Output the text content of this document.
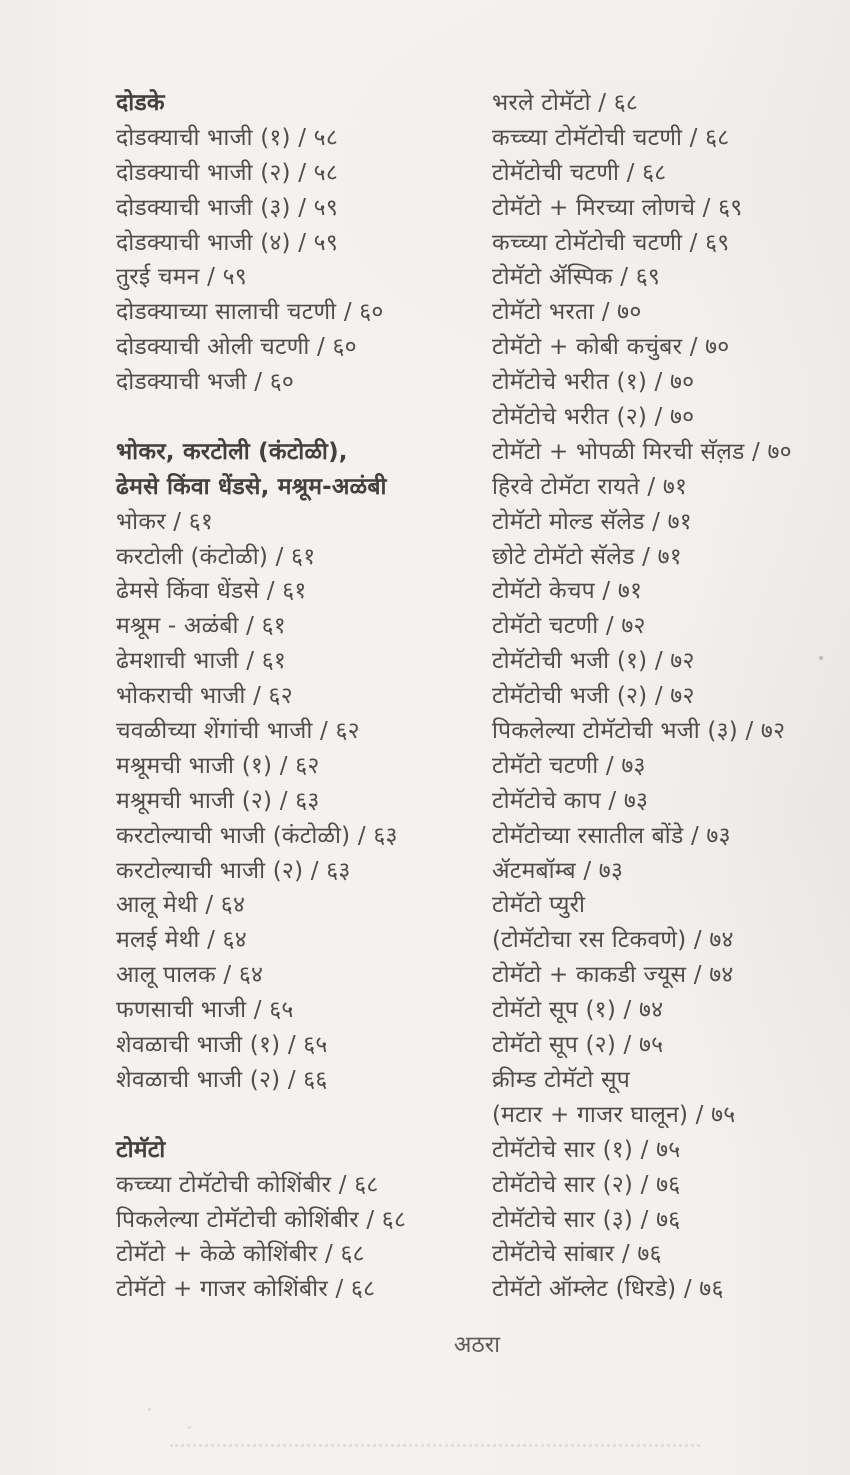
दोडके
दोडक्याची भाजी (१) / ५८
दोडक्याची भाजी (२) / ५८
दोडक्याची भाजी (३) / ५९
दोडक्याची भाजी (४) / ५९
तुरई चमन / ५९
दोडक्याच्या सालाची चटणी / ६०
दोडक्याची ओली चटणी / ६०
दोडक्याची भजी / ६०
भोकर, करटोली (कंटोळी),
ढेमसे किंवा धेंडसे, मश्रूम-अळंबी
भोकर / ६१
करटोली (कंटोळी) / ६१
ढेमसे किंवा धेंडसे / ६१
मश्रूम - अळंबी / ६१
ढेमशाची भाजी / ६१
भोकराची भाजी / ६२
चवळीच्या शेंगांची भाजी / ६२
मश्रूमची भाजी (१) / ६२
मश्रूमची भाजी (२) / ६३
करटोल्याची भाजी (कंटोळी) / ६३
करटोल्याची भाजी (२) / ६३
आलू मेथी / ६४
मलई मेथी / ६४
आलू पालक / ६४
फणसाची भाजी / ६५
शेवळाची भाजी (१) / ६५
शेवळाची भाजी (२) / ६६
टोमॅटो
कच्च्या टोमॅटोची कोशिंबीर / ६८
पिकलेल्या टोमॅटोची कोशिंबीर / ६८
टोमॅटो + केळे कोशिंबीर / ६८
टोमॅटो + गाजर कोशिंबीर / ६८
भरले टोमॅटो / ६८
कच्च्या टोमॅटोची चटणी / ६८
टोमॅटोची चटणी / ६८
टोमॅटो + मिरच्या लोणचे / ६९
कच्च्या टोमॅटोची चटणी / ६९
टोमॅटो ॲस्पिक / ६९
टोमॅटो भरता / ७०
टोमॅटो + कोबी कचुंबर / ७०
टोमॅटोचे भरीत (१) / ७०
टोमॅटोचे भरीत (२) / ७०
टोमॅटो + भोपळी मिरची सॅल़ड / ७०
हिरवे टोमॅटा रायते / ७१
टोमॅटो मोल्ड सॅलेड / ७१
छोटे टोमॅटो सॅलेड / ७१
टोमॅटो केचप / ७१
टोमॅटो चटणी / ७२
टोमॅटोची भजी (१) / ७२
टोमॅटोची भजी (२) / ७२
पिकलेल्या टोमॅटोची भजी (३) / ७२
टोमॅटो चटणी / ७३
टोमॅटोचे काप / ७३
टोमॅटोच्या रसातील बोंडे / ७३
ॲटमबॉम्ब / ७३
टोमॅटो प्युरी
(टोमॅटोचा रस टिकवणे) / ७४
टोमॅटो + काकडी ज्यूस / ७४
टोमॅटो सूप (१) / ७४
टोमॅटो सूप (२) / ७५
क्रीम्ड टोमॅटो सूप
(मटार + गाजर घालून) / ७५
टोमॅटोचे सार (१) / ७५
टोमॅटोचे सार (२) / ७६
टोमॅटोचे सार (३) / ७६
टोमॅटोचे सांबार / ७६
टोमॅटो ऑम्लेट (धिरडे) / ७६
अठरा
